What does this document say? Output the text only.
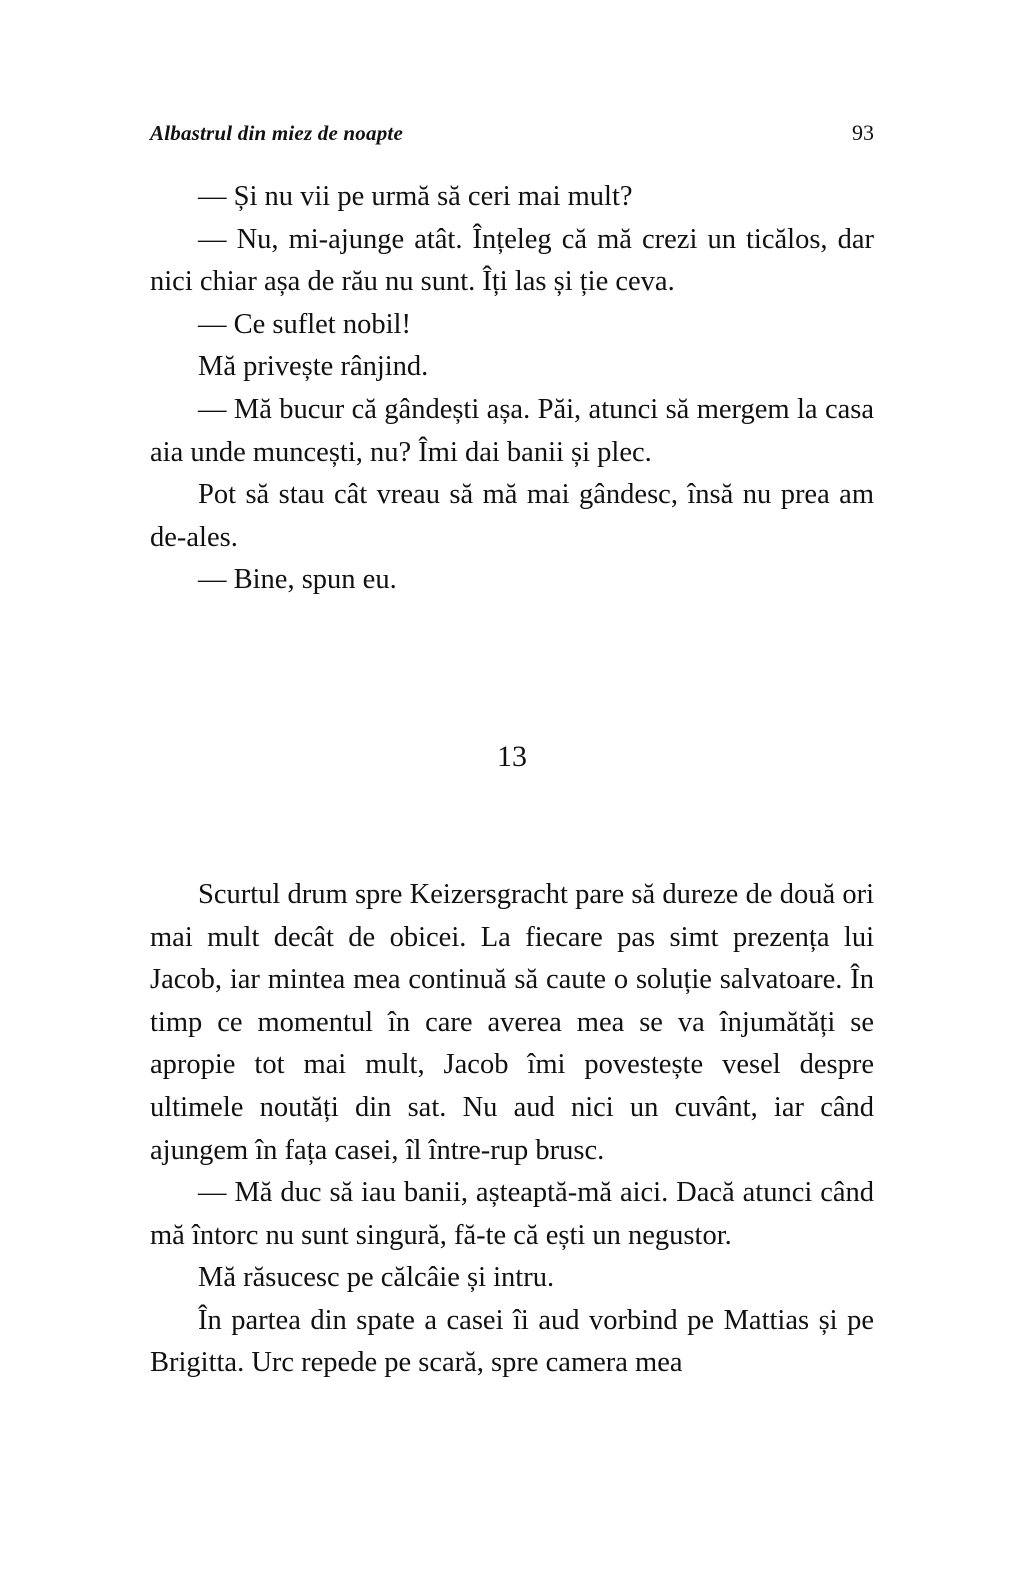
Albastrul din miez de noapte	93

— Și nu vii pe urmă să ceri mai mult?

— Nu, mi-ajunge atât. Înțeleg că mă crezi un ticălos, dar nici chiar așa de rău nu sunt. Îți las și ție ceva.

— Ce suflet nobil!

Mă privește rânjind.

— Mă bucur că gândești așa. Păi, atunci să mergem la casa aia unde muncești, nu? Îmi dai banii și plec.

Pot să stau cât vreau să mă mai gândesc, însă nu prea am de-ales.

— Bine, spun eu.

13

Scurtul drum spre Keizersgracht pare să dureze de două ori mai mult decât de obicei. La fiecare pas simt prezența lui Jacob, iar mintea mea continuă să caute o soluție salvatoare. În timp ce momentul în care averea mea se va înjumătăți se apropie tot mai mult, Jacob îmi povestește vesel despre ultimele noutăți din sat. Nu aud nici un cuvânt, iar când ajungem în fața casei, îl între-rup brusc.

— Mă duc să iau banii, așteaptă-mă aici. Dacă atunci când mă întorc nu sunt singură, fă-te că ești un negustor.

Mă răsucesc pe călcâie și intru.

În partea din spate a casei îi aud vorbind pe Mattias și pe Brigitta. Urc repede pe scară, spre camera mea
